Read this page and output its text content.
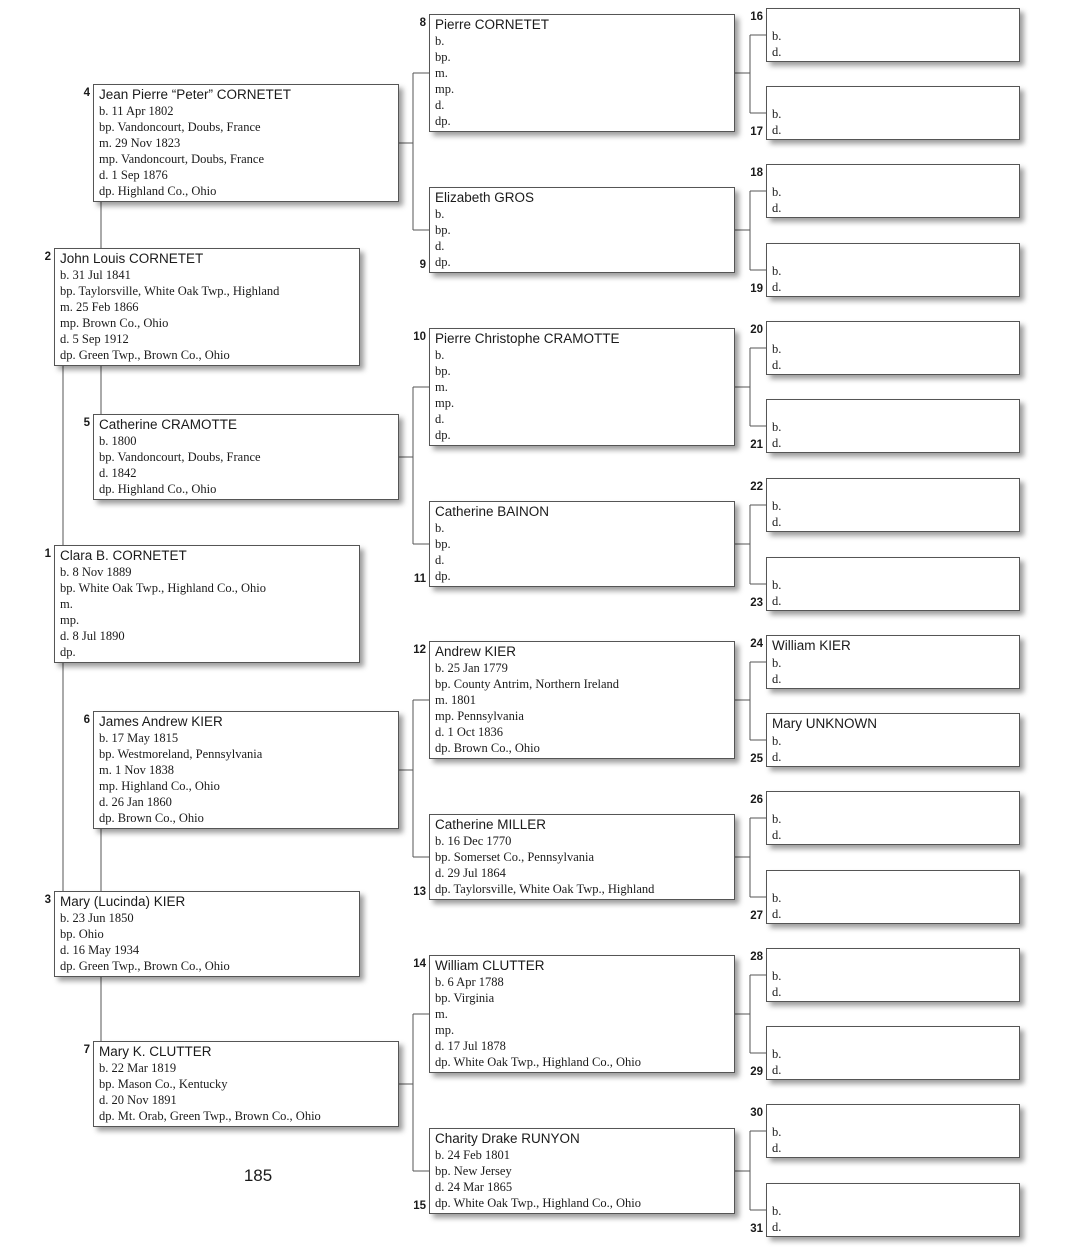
Clara B. CORNETET
b. 8 Nov 1889
bp. White Oak Twp., Highland Co., Ohio
m.
mp.
d. 8 Jul 1890
dp.
1
John Louis CORNETET
b. 31 Jul 1841
bp. Taylorsville, White Oak Twp., Highland
m. 25 Feb 1866
mp. Brown Co., Ohio
d. 5 Sep 1912
dp. Green Twp., Brown Co., Ohio
2
Mary (Lucinda) KIER
b. 23 Jun 1850
bp. Ohio
d. 16 May 1934
dp. Green Twp., Brown Co., Ohio
3
Jean Pierre “Peter” CORNETET
b. 11 Apr 1802
bp. Vandoncourt, Doubs, France
m. 29 Nov 1823
mp. Vandoncourt, Doubs, France
d. 1 Sep 1876
dp. Highland Co., Ohio
4
Catherine CRAMOTTE
b. 1800
bp. Vandoncourt, Doubs, France
d. 1842
dp. Highland Co., Ohio
5
James Andrew KIER
b. 17 May 1815
bp. Westmoreland, Pennsylvania
m. 1 Nov 1838
mp. Highland Co., Ohio
d. 26 Jan 1860
dp. Brown Co., Ohio
6
Mary K. CLUTTER
b. 22 Mar 1819
bp. Mason Co., Kentucky
d. 20 Nov 1891
dp. Mt. Orab, Green Twp., Brown Co., Ohio
7
Pierre CORNETET
b.
bp.
m.
mp.
d.
dp.
8
Elizabeth GROS
b.
bp.
d.
dp.
9
Pierre Christophe CRAMOTTE
b.
bp.
m.
mp.
d.
dp.
10
Catherine BAINON
b.
bp.
d.
dp.
11
Andrew KIER
b. 25 Jan 1779
bp. County Antrim, Northern Ireland
m. 1801
mp. Pennsylvania
d. 1 Oct 1836
dp. Brown Co., Ohio
12
Catherine MILLER
b. 16 Dec 1770
bp. Somerset Co., Pennsylvania
d. 29 Jul 1864
dp. Taylorsville, White Oak Twp., Highland
13
William CLUTTER
b. 6 Apr 1788
bp. Virginia
m.
mp.
d. 17 Jul 1878
dp. White Oak Twp., Highland Co., Ohio
14
Charity Drake RUNYON
b. 24 Feb 1801
bp. New Jersey
d. 24 Mar 1865
dp. White Oak Twp., Highland Co., Ohio
15
b.
d.
16
b.
d.
17
b.
d.
18
b.
d.
19
b.
d.
20
b.
d.
21
b.
d.
22
b.
d.
23
William KIER
b.
d.
24
Mary UNKNOWN
b.
d.
25
b.
d.
26
b.
d.
27
b.
d.
28
b.
d.
29
b.
d.
30
b.
d.
31
185
